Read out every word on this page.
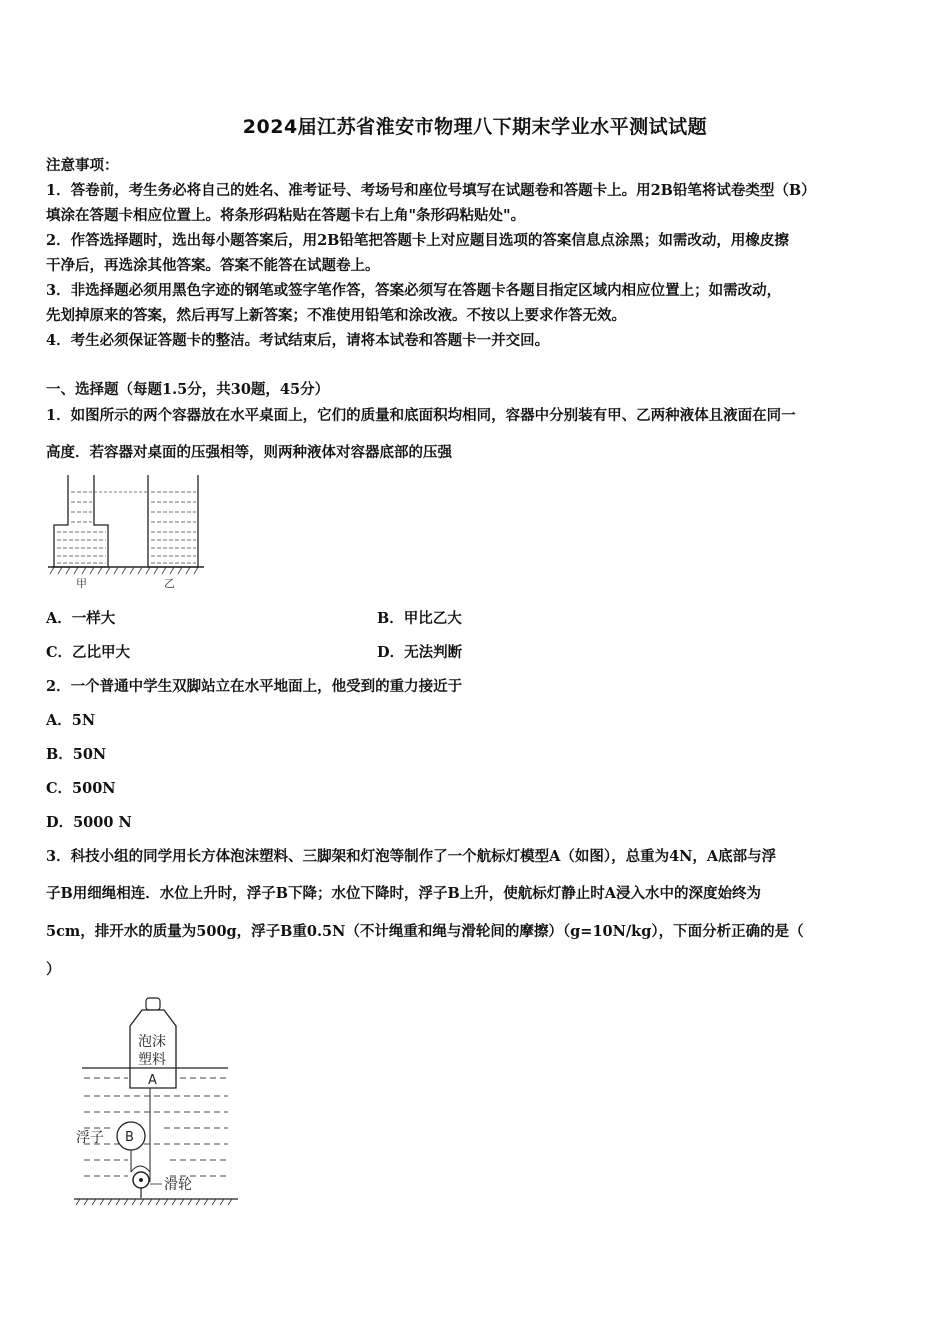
2024届江苏省淮安市物理八下期末学业水平测试试题
注意事项：
1．答卷前，考生务必将自己的姓名、准考证号、考场号和座位号填写在试题卷和答题卡上。用2B铅笔将试卷类型（B）
填涂在答题卡相应位置上。将条形码粘贴在答题卡右上角"条形码粘贴处"。
2．作答选择题时，选出每小题答案后，用2B铅笔把答题卡上对应题目选项的答案信息点涂黑；如需改动，用橡皮擦
干净后，再选涂其他答案。答案不能答在试题卷上。
3．非选择题必须用黑色字迹的钢笔或签字笔作答，答案必须写在答题卡各题目指定区域内相应位置上；如需改动，
先划掉原来的答案，然后再写上新答案；不准使用铅笔和涂改液。不按以上要求作答无效。
4．考生必须保证答题卡的整洁。考试结束后，请将本试卷和答题卡一并交回。
一、选择题（每题1.5分，共30题，45分）
1．如图所示的两个容器放在水平桌面上，它们的质量和底面积均相同，容器中分别装有甲、乙两种液体且液面在同一
高度．若容器对桌面的压强相等，则两种液体对容器底部的压强
甲	乙
A．一样大	B．甲比乙大
C．乙比甲大	D．无法判断
2．一个普通中学生双脚站立在水平地面上，他受到的重力接近于
A．5N
B．50N
C．500N
D．5000 N
3．科技小组的同学用长方体泡沫塑料、三脚架和灯泡等制作了一个航标灯模型A（如图），总重为4N，A底部与浮
子B用细绳相连．水位上升时，浮子B下降；水位下降时，浮子B上升，使航标灯静止时A浸入水中的深度始终为
5cm，排开水的质量为500g，浮子B重0.5N（不计绳重和绳与滑轮间的摩擦）（g=10N/kg），下面分析正确的是（
）
泡沫
塑料
A
B
浮子
滑轮
